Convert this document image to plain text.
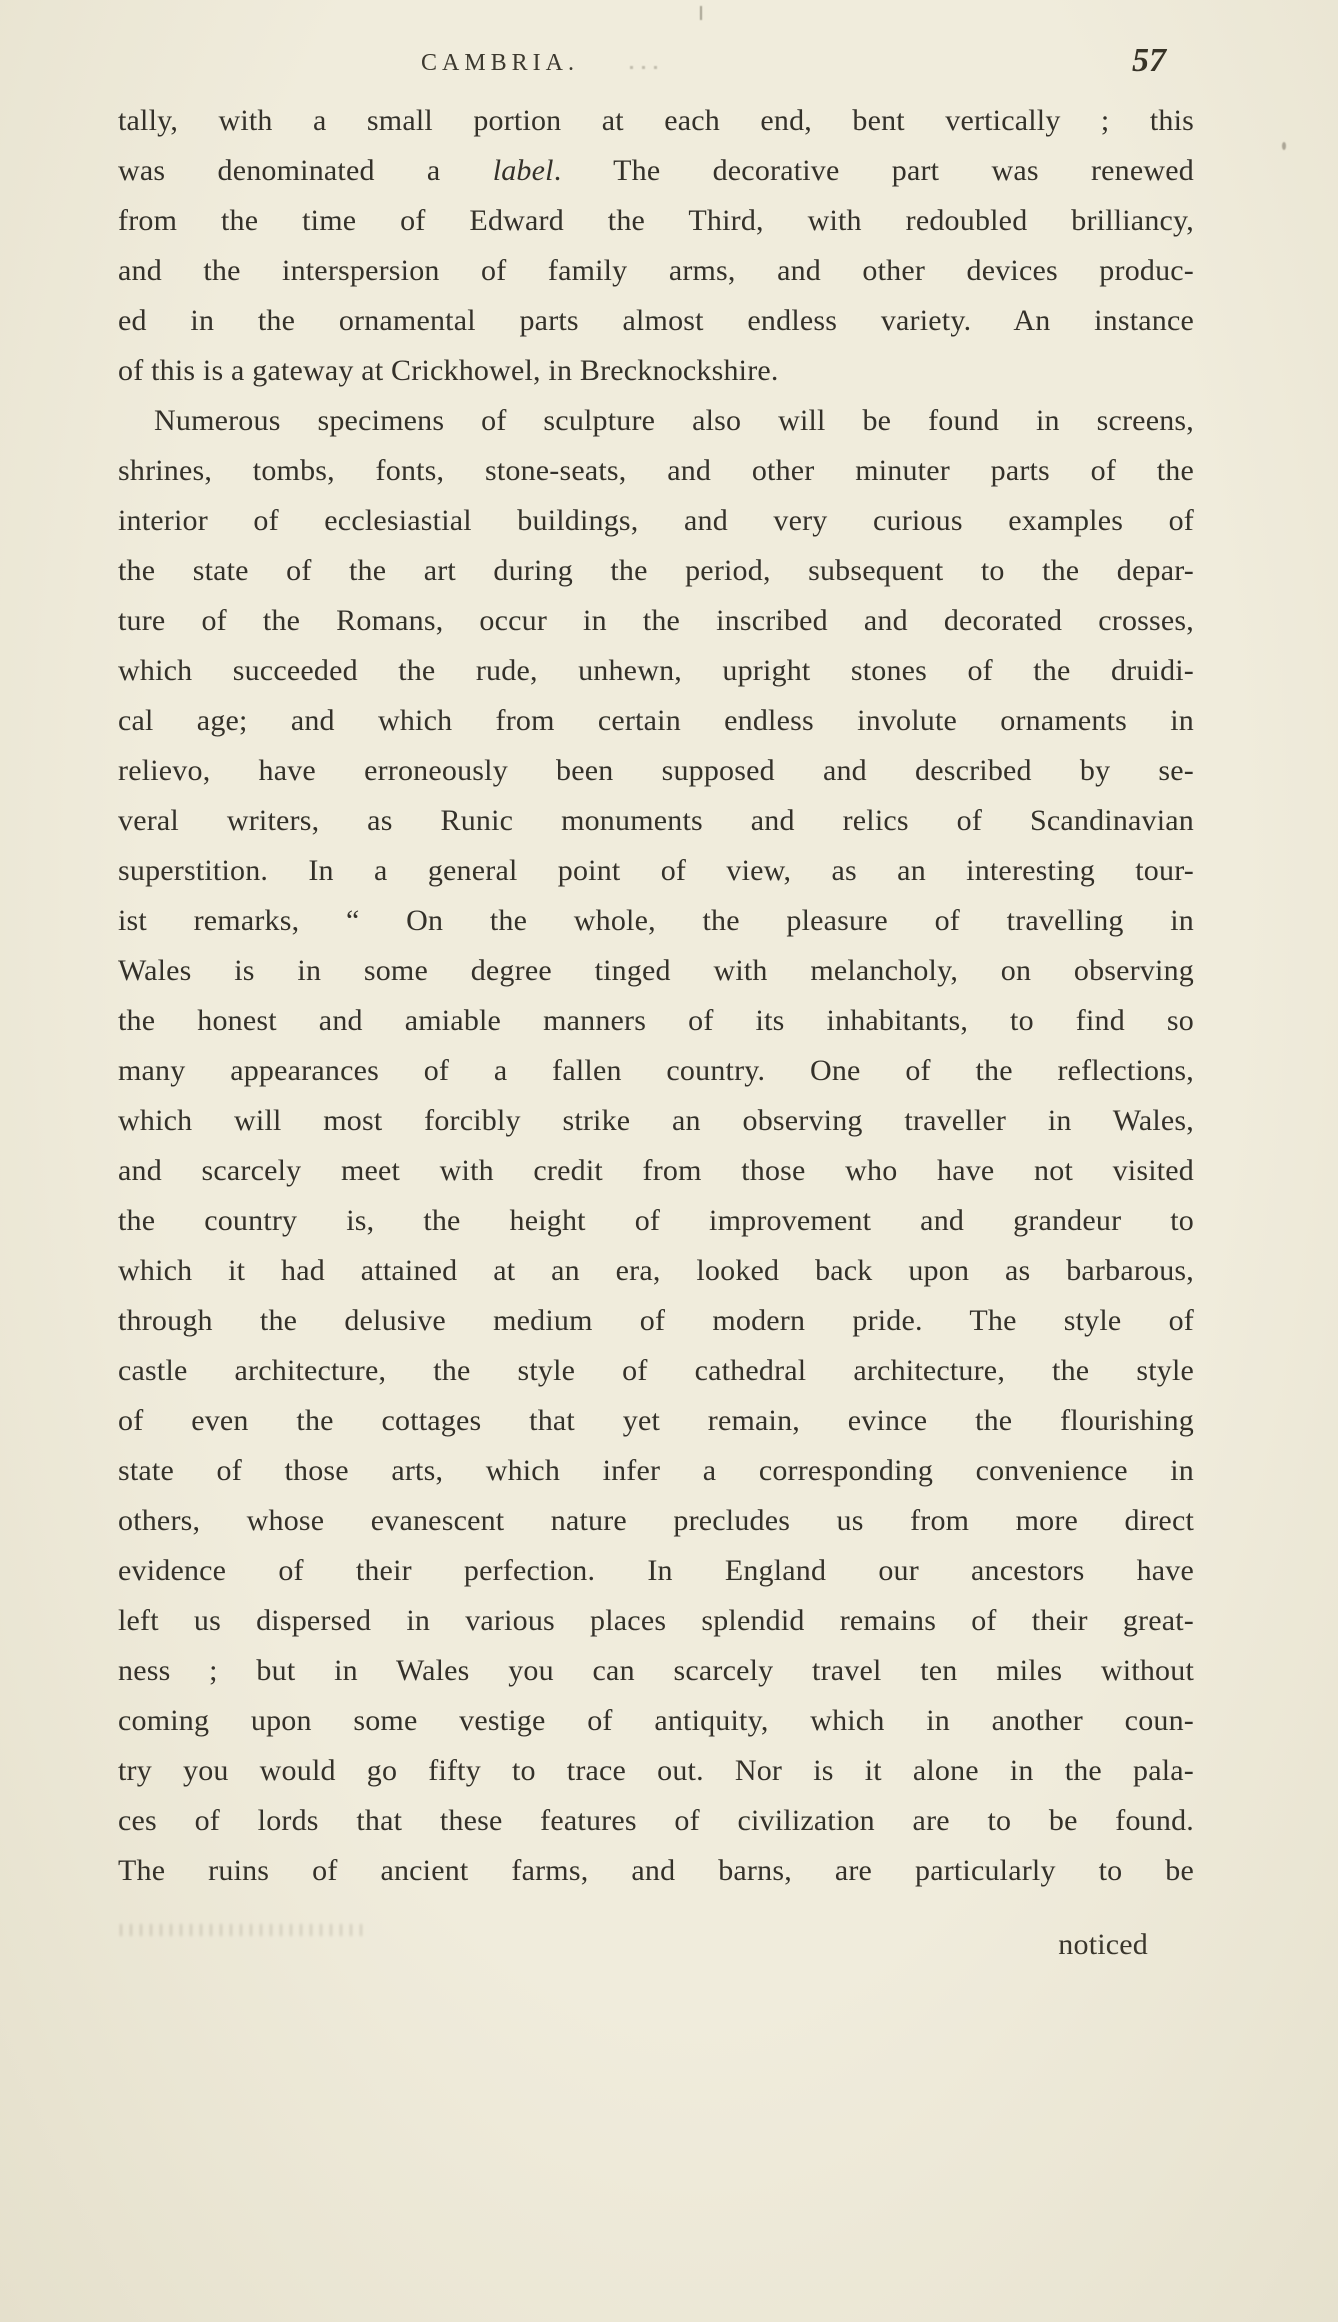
CAMBRIA.	57
tally, with a small portion at each end, bent vertically ; this
was denominated a label. The decorative part was renewed
from the time of Edward the Third, with redoubled brilliancy,
and the interspersion of family arms, and other devices produc-
ed in the ornamental parts almost endless variety. An instance
of this is a gateway at Crickhowel, in Brecknockshire.
Numerous specimens of sculpture also will be found in screens,
shrines, tombs, fonts, stone-seats, and other minuter parts of the
interior of ecclesiastial buildings, and very curious examples of
the state of the art during the period, subsequent to the depar-
ture of the Romans, occur in the inscribed and decorated crosses,
which succeeded the rude, unhewn, upright stones of the druidi-
cal age; and which from certain endless involute ornaments in
relievo, have erroneously been supposed and described by se-
veral writers, as Runic monuments and relics of Scandinavian
superstition. In a general point of view, as an interesting tour-
ist remarks, “ On the whole, the pleasure of travelling in
Wales is in some degree tinged with melancholy, on observing
the honest and amiable manners of its inhabitants, to find so
many appearances of a fallen country. One of the reflections,
which will most forcibly strike an observing traveller in Wales,
and scarcely meet with credit from those who have not visited
the country is, the height of improvement and grandeur to
which it had attained at an era, looked back upon as barbarous,
through the delusive medium of modern pride. The style of
castle architecture, the style of cathedral architecture, the style
of even the cottages that yet remain, evince the flourishing
state of those arts, which infer a corresponding convenience in
others, whose evanescent nature precludes us from more direct
evidence of their perfection. In England our ancestors have
left us dispersed in various places splendid remains of their great-
ness ; but in Wales you can scarcely travel ten miles without
coming upon some vestige of antiquity, which in another coun-
try you would go fifty to trace out. Nor is it alone in the pala-
ces of lords that these features of civilization are to be found.
The ruins of ancient farms, and barns, are particularly to be
noticed
